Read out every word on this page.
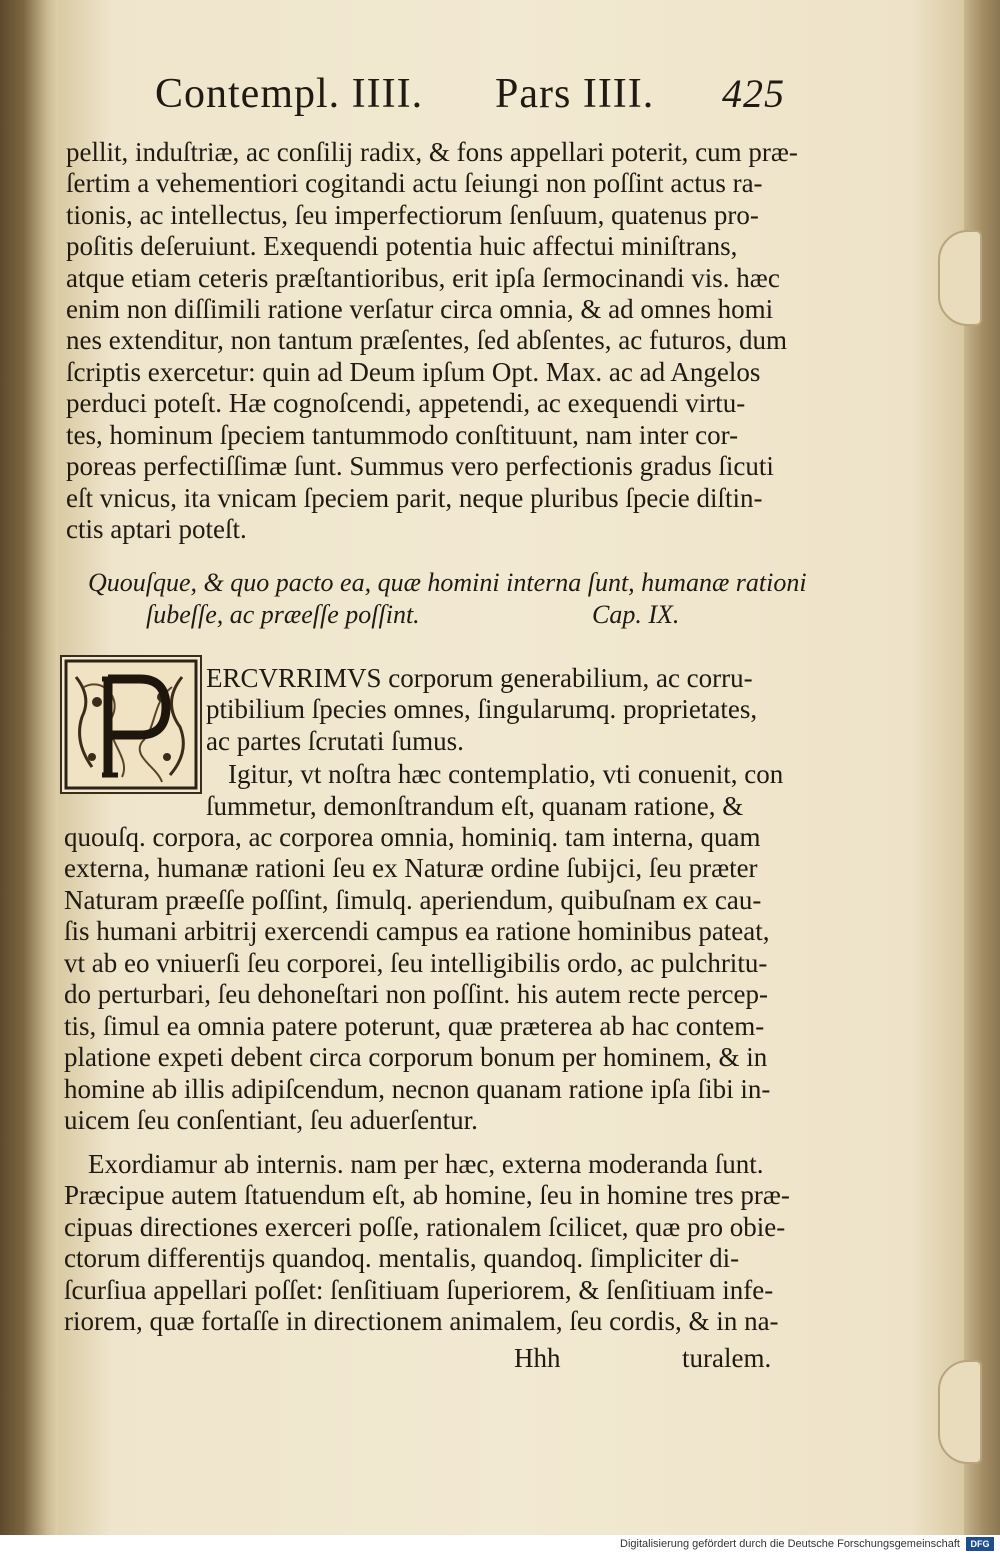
Contempl. IIII. Pars IIII. 425
pellit, induſtriæ, ac conſilij radix, & fons appellari poterit, cum præ-
ſertim a vehementiori cogitandi actu ſeiungi non poſſint actus ra-
tionis, ac intellectus, ſeu imperfectiorum ſenſuum, quatenus pro-
poſitis deſeruiunt. Exequendi potentia huic affectui miniſtrans,
atque etiam ceteris præſtantioribus, erit ipſa ſermocinandi vis. hæc
enim non diſſimili ratione verſatur circa omnia, & ad omnes homi
nes extenditur, non tantum præſentes, ſed abſentes, ac futuros, dum
ſcriptis exercetur: quin ad Deum ipſum Opt. Max. ac ad Angelos
perduci poteſt. Hæ cognoſcendi, appetendi, ac exequendi virtu-
tes, hominum ſpeciem tantummodo conſtituunt, nam inter cor-
poreas perfectiſſimæ ſunt. Summus vero perfectionis gradus ſicuti
eſt vnicus, ita vnicam ſpeciem parit, neque pluribus ſpecie diſtin-
ctis aptari poteſt.
Quouſque, & quo pacto ea, quæ homini interna ſunt, humanæ rationi
ſubeſſe, ac præeſſe poſſint.	Cap. IX.
ERCVRRIMVS corporum generabilium, ac corru-
ptibilium ſpecies omnes, ſingularumq. proprietates,
ac partes ſcrutati ſumus.
Igitur, vt noſtra hæc contemplatio, vti conuenit, con
ſummetur, demonſtrandum eſt, quanam ratione, &
quouſq. corpora, ac corporea omnia, hominiq. tam interna, quam
externa, humanæ rationi ſeu ex Naturæ ordine ſubijci, ſeu præter
Naturam præeſſe poſſint, ſimulq. aperiendum, quibuſnam ex cau-
ſis humani arbitrij exercendi campus ea ratione hominibus pateat,
vt ab eo vniuerſi ſeu corporei, ſeu intelligibilis ordo, ac pulchritu-
do perturbari, ſeu dehoneſtari non poſſint. his autem recte percep-
tis, ſimul ea omnia patere poterunt, quæ præterea ab hac contem-
platione expeti debent circa corporum bonum per hominem, & in
homine ab illis adipiſcendum, necnon quanam ratione ipſa ſibi in-
uicem ſeu conſentiant, ſeu aduerſentur.
Exordiamur ab internis. nam per hæc, externa moderanda ſunt.
Præcipue autem ſtatuendum eſt, ab homine, ſeu in homine tres præ-
cipuas directiones exerceri poſſe, rationalem ſcilicet, quæ pro obie-
ctorum differentijs quandoq. mentalis, quandoq. ſimpliciter di-
ſcurſiua appellari poſſet: ſenſitiuam ſuperiorem, & ſenſitiuam infe-
riorem, quæ fortaſſe in directionem animalem, ſeu cordis, & in na-
Hhh	turalem.
Digitalisierung gefördert durch die Deutsche Forschungsgemeinschaft	DFG
